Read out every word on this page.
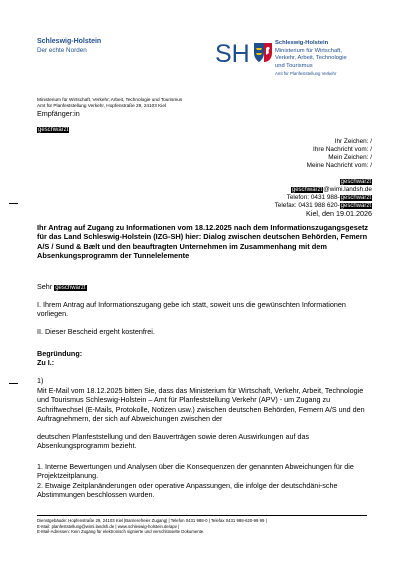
Schleswig-Holstein
Der echte Norden	SH	Schleswig-Holstein
Ministerium für Wirtschaft,
Verkehr, Arbeit, Technologie
und Tourismus
Amt für Planfeststellung Verkehr
Ministerium für Wirtschaft, Verkehr, Arbeit, Technologie und Tourismus
Amt für Planfeststellung Verkehr, Hopfenstraße 29, 24103 Kiel
Empfänger:in
geschwärzt
Ihr Zeichen: /
Ihre Nachricht vom: /
Mein Zeichen: /
Meine Nachricht vom: /
geschwärzt
geschwärzt@wimi.landsh.de
Telefon: 0431 988-geschwärzt
Telefax: 0431 988 620-geschwärzt
Kiel, den 19.01.2026
Ihr Antrag auf Zugang zu Informationen vom 18.12.2025 nach dem Informationszugangsgesetz für das Land Schleswig-Holstein (IZG-SH) hier: Dialog zwischen deutschen Behörden, Femern A/S / Sund & Bælt und den beauftragten Unternehmen im Zusammenhang mit dem Absenkungsprogramm der Tunnelelemente
Sehr geschwärzt
I. Ihrem Antrag auf Informationszugang gebe ich statt, soweit uns die gewünschten Informationen vorliegen.
II. Dieser Bescheid ergeht kostenfrei.
Begründung:
Zu I.:
1)
Mit E-Mail vom 18.12.2025 bitten Sie, dass das Ministerium für Wirtschaft, Verkehr, Arbeit, Technologie und Tourismus Schleswig-Holstein – Amt für Planfeststellung Verkehr (APV) - um Zugang zu Schriftwechsel (E-Mails, Protokolle, Notizen usw.) zwischen deutschen Behörden, Femern A/S und den Auftragnehmern, der sich auf Abweichungen zwischen der
deutschen Planfeststellung und den Bauverträgen sowie deren Auswirkungen auf das Absenkungsprogramm bezieht.
1. Interne Bewertungen und Analysen über die Konsequenzen der genannten Abweichungen für die Projektzeitplanung.
2. Etwaige Zeitplanänderungen oder operative Anpassungen, die infolge der deutschdäni-sche Abstimmungen beschlossen wurden.
Dienstgebäude: Hopfenstraße 29, 24103 Kiel |Barrierefreier Zugang| | Telefon 0431 988-0 | Telefax 0431 988-620-99 99 |
E-Mail: planfeststellung@wimi.landsh.de | www.schleswig-holstein.de/apv |
E-Mail-Adressen: Kein Zugang für elektronisch signierte und verschlüsselte Dokumente.
